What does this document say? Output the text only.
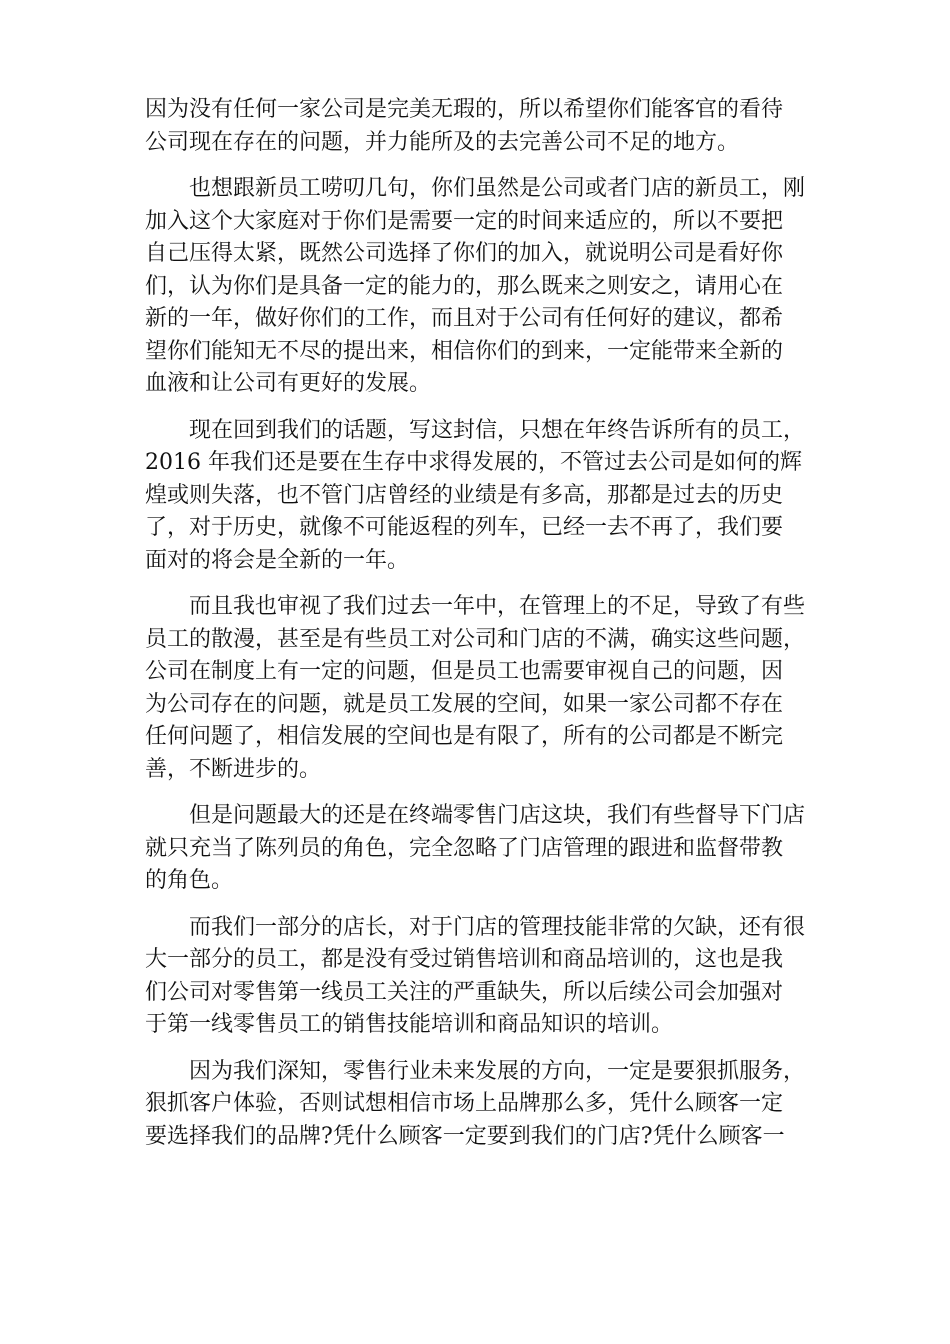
因为没有任何一家公司是完美无瑕的，所以希望你们能客官的看待
公司现在存在的问题，并力能所及的去完善公司不足的地方。

　　也想跟新员工唠叨几句，你们虽然是公司或者门店的新员工，刚
加入这个大家庭对于你们是需要一定的时间来适应的，所以不要把
自己压得太紧，既然公司选择了你们的加入，就说明公司是看好你
们，认为你们是具备一定的能力的，那么既来之则安之，请用心在
新的一年，做好你们的工作，而且对于公司有任何好的建议，都希
望你们能知无不尽的提出来，相信你们的到来，一定能带来全新的
血液和让公司有更好的发展。

　　现在回到我们的话题，写这封信，只想在年终告诉所有的员工，
2016 年我们还是要在生存中求得发展的，不管过去公司是如何的辉
煌或则失落，也不管门店曾经的业绩是有多高，那都是过去的历史
了，对于历史，就像不可能返程的列车，已经一去不再了，我们要
面对的将会是全新的一年。

　　而且我也审视了我们过去一年中，在管理上的不足，导致了有些
员工的散漫，甚至是有些员工对公司和门店的不满，确实这些问题，
公司在制度上有一定的问题，但是员工也需要审视自己的问题，因
为公司存在的问题，就是员工发展的空间，如果一家公司都不存在
任何问题了，相信发展的空间也是有限了，所有的公司都是不断完
善，不断进步的。

　　但是问题最大的还是在终端零售门店这块，我们有些督导下门店
就只充当了陈列员的角色，完全忽略了门店管理的跟进和监督带教
的角色。

　　而我们一部分的店长，对于门店的管理技能非常的欠缺，还有很
大一部分的员工，都是没有受过销售培训和商品培训的，这也是我
们公司对零售第一线员工关注的严重缺失，所以后续公司会加强对
于第一线零售员工的销售技能培训和商品知识的培训。

　　因为我们深知，零售行业未来发展的方向，一定是要狠抓服务，
狠抓客户体验，否则试想相信市场上品牌那么多，凭什么顾客一定
要选择我们的品牌?凭什么顾客一定要到我们的门店?凭什么顾客一
